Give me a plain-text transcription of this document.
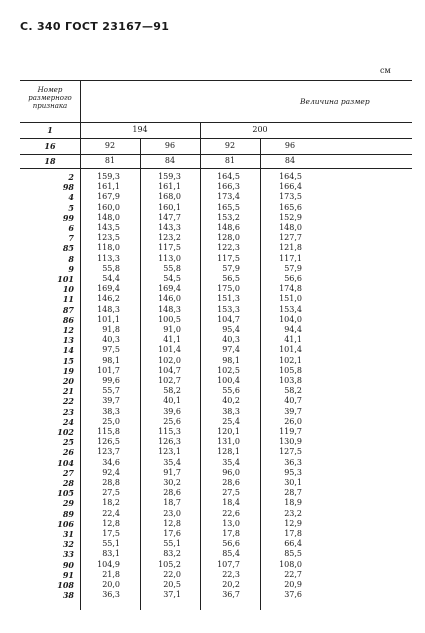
С. 340 ГОСТ 23167—91
см
Номер размерного признака	Величина размер
1	194	200
16	92	96	92	96
18	81	84	81	84
2	159,3	159,3	164,5	164,5
98	161,1	161,1	166,3	166,4
4	167,9	168,0	173,4	173,5
5	160,0	160,1	165,5	165,6
99	148,0	147,7	153,2	152,9
6	143,5	143,3	148,6	148,0
7	123,5	123,2	128,0	127,7
85	118,0	117,5	122,3	121,8
8	113,3	113,0	117,5	117,1
9	55,8	55,8	57,9	57,9
101	54,4	54,5	56,5	56,6
10	169,4	169,4	175,0	174,8
11	146,2	146,0	151,3	151,0
87	148,3	148,3	153,3	153,4
86	101,1	100,5	104,7	104,0
12	91,8	91,0	95,4	94,4
13	40,3	41,1	40,3	41,1
14	97,5	101,4	97,4	101,4
15	98,1	102,0	98,1	102,1
19	101,7	104,7	102,5	105,8
20	99,6	102,7	100,4	103,8
21	55,7	58,2	55,6	58,2
22	39,7	40,1	40,2	40,7
23	38,3	39,6	38,3	39,7
24	25,0	25,6	25,4	26,0
102	115,8	115,3	120,1	119,7
25	126,5	126,3	131,0	130,9
26	123,7	123,1	128,1	127,5
104	34,6	35,4	35,4	36,3
27	92,4	91,7	96,0	95,3
28	28,8	30,2	28,6	30,1
105	27,5	28,6	27,5	28,7
29	18,2	18,7	18,4	18,9
89	22,4	23,0	22,6	23,2
106	12,8	12,8	13,0	12,9
31	17,5	17,6	17,8	17,8
32	55,1	55,1	56,6	66,4
33	83,1	83,2	85,4	85,5
90	104,9	105,2	107,7	108,0
91	21,8	22,0	22,3	22,7
108	20,0	20,5	20,2	20,9
38	36,3	37,1	36,7	37,6
